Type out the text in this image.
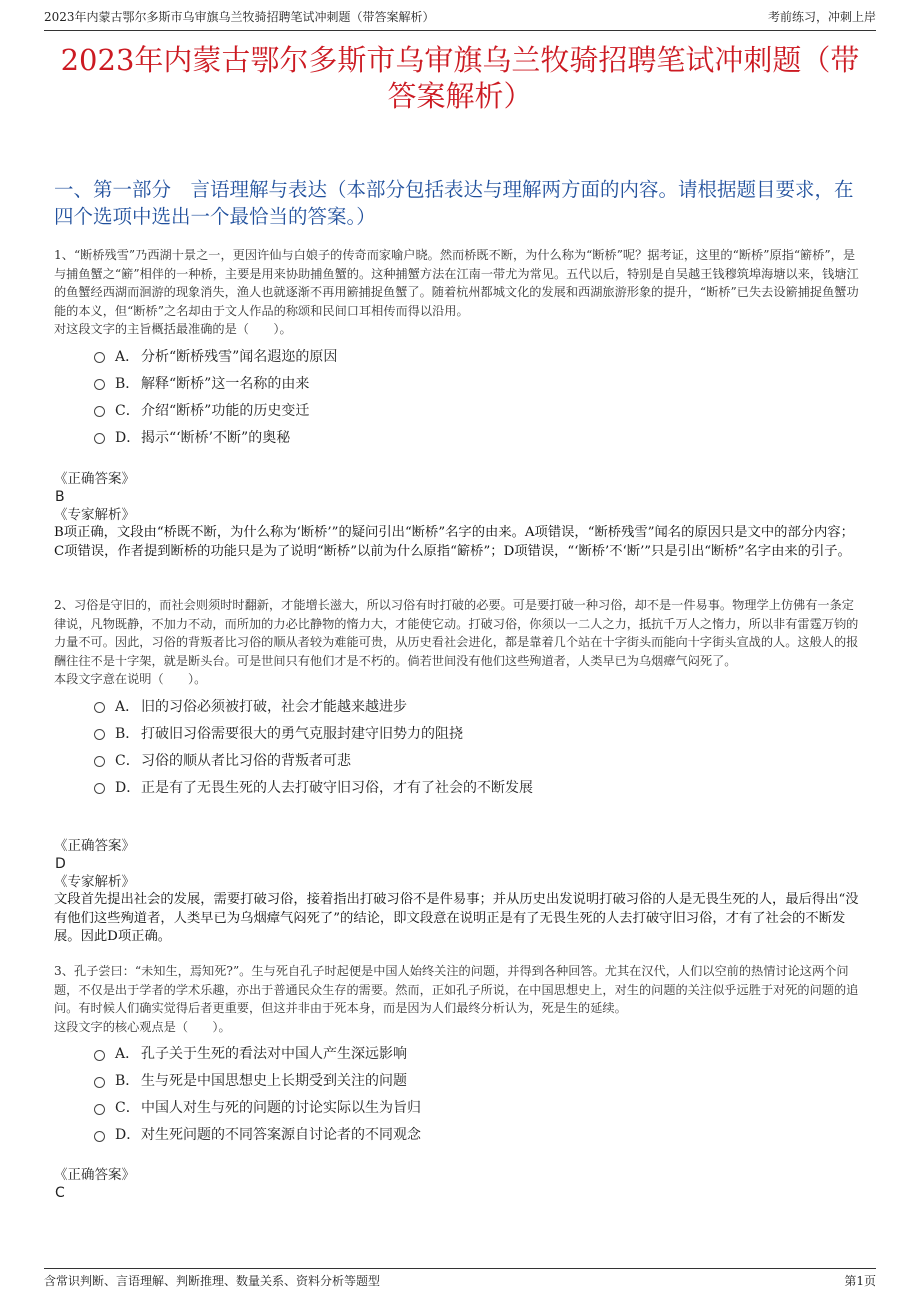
2023年内蒙古鄂尔多斯市乌审旗乌兰牧骑招聘笔试冲刺题（带答案解析）	考前练习，冲刺上岸
2023年内蒙古鄂尔多斯市乌审旗乌兰牧骑招聘笔试冲刺题（带答案解析）
一、第一部分　言语理解与表达（本部分包括表达与理解两方面的内容。请根据题目要求，在四个选项中选出一个最恰当的答案。）

1、“断桥残雪”乃西湖十景之一，更因许仙与白娘子的传奇而家喻户晓。然而桥既不断，为什么称为“断桥”呢？据考证，这里的“断桥”原指“簖桥”，是与捕鱼蟹之“簖”相伴的一种桥，主要是用来协助捕鱼蟹的。这种捕蟹方法在江南一带尤为常见。五代以后，特别是自吴越王钱穆筑埠海塘以来，钱塘江的鱼蟹经西湖而洄游的现象消失，渔人也就逐渐不再用簖捕捉鱼蟹了。随着杭州都城文化的发展和西湖旅游形象的提升，“断桥”已失去设簖捕捉鱼蟹功能的本义，但“断桥”之名却由于文人作品的称颂和民间口耳相传而得以沿用。

对这段文字的主旨概括最准确的是（　　）。

A． 分析“断桥残雪”闻名遐迩的原因
B． 解释“断桥”这一名称的由来
C． 介绍“断桥”功能的历史变迁
D． 揭示“‘断桥’不断”的奥秘

《正确答案》

B

《专家解析》

B项正确，文段由“桥既不断，为什么称为‘断桥’”的疑问引出“断桥”名字的由来。A项错误，“断桥残雪”闻名的原因只是文中的部分内容；C项错误，作者提到断桥的功能只是为了说明“断桥”以前为什么原指“簖桥”；D项错误，“‘断桥’不‘断’”只是引出“断桥”名字由来的引子。

2、习俗是守旧的，而社会则须时时翻新，才能增长滋大，所以习俗有时打破的必要。可是要打破一种习俗，却不是一件易事。物理学上仿佛有一条定律说，凡物既静，不加力不动，而所加的力必比静物的惰力大，才能使它动。打破习俗，你须以一二人之力，抵抗千万人之惰力，所以非有雷霆万钧的力量不可。因此，习俗的背叛者比习俗的顺从者较为难能可贵，从历史看社会进化，都是靠着几个站在十字街头而能向十字街头宣战的人。这般人的报酬往往不是十字架，就是断头台。可是世间只有他们才是不朽的。倘若世间没有他们这些殉道者，人类早已为乌烟瘴气闷死了。

本段文字意在说明（　　）。

A． 旧的习俗必须被打破，社会才能越来越进步
B． 打破旧习俗需要很大的勇气克服封建守旧势力的阻挠
C． 习俗的顺从者比习俗的背叛者可悲
D． 正是有了无畏生死的人去打破守旧习俗，才有了社会的不断发展

《正确答案》

D

《专家解析》

文段首先提出社会的发展，需要打破习俗，接着指出打破习俗不是件易事；并从历史出发说明打破习俗的人是无畏生死的人，最后得出“没有他们这些殉道者，人类早已为乌烟瘴气闷死了”的结论，即文段意在说明正是有了无畏生死的人去打破守旧习俗，才有了社会的不断发展。因此D项正确。

3、孔子尝曰：“未知生，焉知死?”。生与死自孔子时起便是中国人始终关注的问题，并得到各种回答。尤其在汉代，人们以空前的热情讨论这两个问题，不仅是出于学者的学术乐趣，亦出于普通民众生存的需要。然而，正如孔子所说，在中国思想史上，对生的问题的关注似乎远胜于对死的问题的追问。有时候人们确实觉得后者更重要，但这并非由于死本身，而是因为人们最终分析认为，死是生的延续。

这段文字的核心观点是（　　）。

A． 孔子关于生死的看法对中国人产生深远影响
B． 生与死是中国思想史上长期受到关注的问题
C． 中国人对生与死的问题的讨论实际以生为旨归
D． 对生死问题的不同答案源自讨论者的不同观念

《正确答案》

C

含常识判断、言语理解、判断推理、数量关系、资料分析等题型	第1页
